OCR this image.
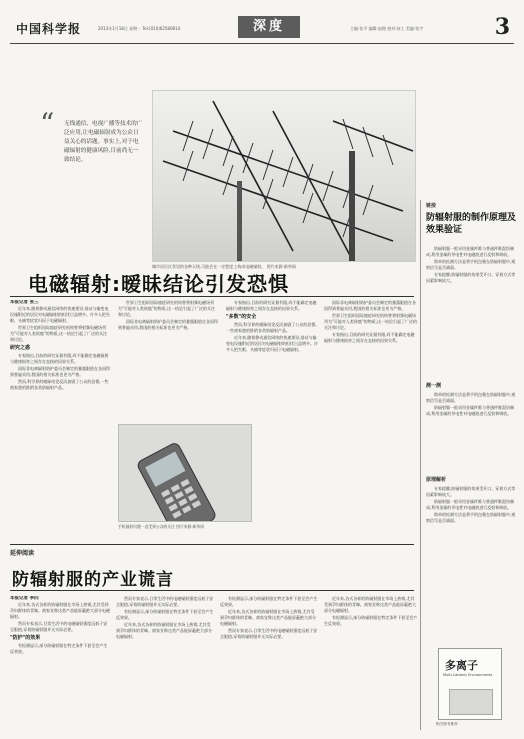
中国科学报	2013年1月18日 星期一 Tel:(010)62580814	深度	主编:张平 编辑:赵路 校对:何工 美编:张宇	3
“ 无线通信、电视广播等技术的广泛应用,让电磁辐射成为公众日益关心的话题。事实上,对于电磁辐射的健康风险,目前尚无一致结论。
城市居民区常见的各种天线,可能会在一定程度上构成电磁辐射。 图片来源:新华网
电磁辐射:暧昧结论引发恐惧
本报记者 张三

近年来,随着移动通信网络的快速建设,基站与输变电设施附近的居民对电磁辐射的担忧日益增多。许多人把失眠、头痛等症状归因于电磁辐射。

世界卫生组织国际癌症研究机构曾将射频电磁场列为"可能对人类致癌"的物质,这一结论引起了广泛的关注和讨论。

研究之惑

专家指出,目前的研究证据有限,尚不能确定电磁辐射与健康损害之间存在直接的因果关系。

国际非电离辐射防护委员会制定的暴露限值在各国得到普遍采用,我国的相关标准也更为严格。

然而,科学界的暧昧结论反而加剧了公众的恐惧,一些商家趁机推销各类防辐射产品。

世界卫生组织国际癌症研究机构曾将射频电磁场列为"可能对人类致癌"的物质,这一结论引起了广泛的关注和讨论。

国际非电离辐射防护委员会制定的暴露限值在各国得到普遍采用,我国的相关标准也更为严格。

专家指出,目前的研究证据有限,尚不能确定电磁辐射与健康损害之间存在直接的因果关系。

"多数"的安全

然而,科学界的暧昧结论反而加剧了公众的恐惧,一些商家趁机推销各类防辐射产品。

近年来,随着移动通信网络的快速建设,基站与输变电设施附近的居民对电磁辐射的担忧日益增多。许多人把失眠、头痛等症状归因于电磁辐射。

国际非电离辐射防护委员会制定的暴露限值在各国得到普遍采用,我国的相关标准也更为严格。

世界卫生组织国际癌症研究机构曾将射频电磁场列为"可能对人类致癌"的物质,这一结论引起了广泛的关注和讨论。

专家指出,目前的研究证据有限,尚不能确定电磁辐射与健康损害之间存在直接的因果关系。

手机辐射问题一直受到公众的关注 图片来源:新华网
延伸阅读
防辐射服的产业谎言
本报记者 李四

近年来,各式各样的防辐射服在市场上热销,尤其受到孕妇群体的青睐。商家宣称这类产品能屏蔽绝大部分电磁辐射。

然而专家表示,日常生活中的电磁辐射强度远低于安全限值,穿着防辐射服并无实际必要。

"防护"的效果

有检测显示,部分防辐射服在特定条件下甚至会产生反效果。

然而专家表示,日常生活中的电磁辐射强度远低于安全限值,穿着防辐射服并无实际必要。

有检测显示,部分防辐射服在特定条件下甚至会产生反效果。

近年来,各式各样的防辐射服在市场上热销,尤其受到孕妇群体的青睐。商家宣称这类产品能屏蔽绝大部分电磁辐射。

有检测显示,部分防辐射服在特定条件下甚至会产生反效果。

近年来,各式各样的防辐射服在市场上热销,尤其受到孕妇群体的青睐。商家宣称这类产品能屏蔽绝大部分电磁辐射。

然而专家表示,日常生活中的电磁辐射强度远低于安全限值,穿着防辐射服并无实际必要。

近年来,各式各样的防辐射服在市场上热销,尤其受到孕妇群体的青睐。商家宣称这类产品能屏蔽绝大部分电磁辐射。

有检测显示,部分防辐射服在特定条件下甚至会产生反效果。

链接
防辐射服的制作原理及效果验证

防辐射服一般采用金属纤维与普通纤维混纺制成,利用金属的导电性对电磁波进行反射和吸收。

简单的检测方法是将手机包裹在防辐射服中,观察信号是否减弱。

专家提醒,防辐射服的效果受开口、穿着方式等因素影响较大。

测一测

简单的检测方法是将手机包裹在防辐射服中,观察信号是否减弱。

防辐射服一般采用金属纤维与普通纤维混纺制成,利用金属的导电性对电磁波进行反射和吸收。

原理解析

专家提醒,防辐射服的效果受开口、穿着方式等因素影响较大。

防辐射服一般采用金属纤维与普通纤维混纺制成,利用金属的导电性对电磁波进行反射和吸收。

简单的检测方法是将手机包裹在防辐射服中,观察信号是否减弱。

多离子
Multi-Cationic Environments
相关图书推荐
